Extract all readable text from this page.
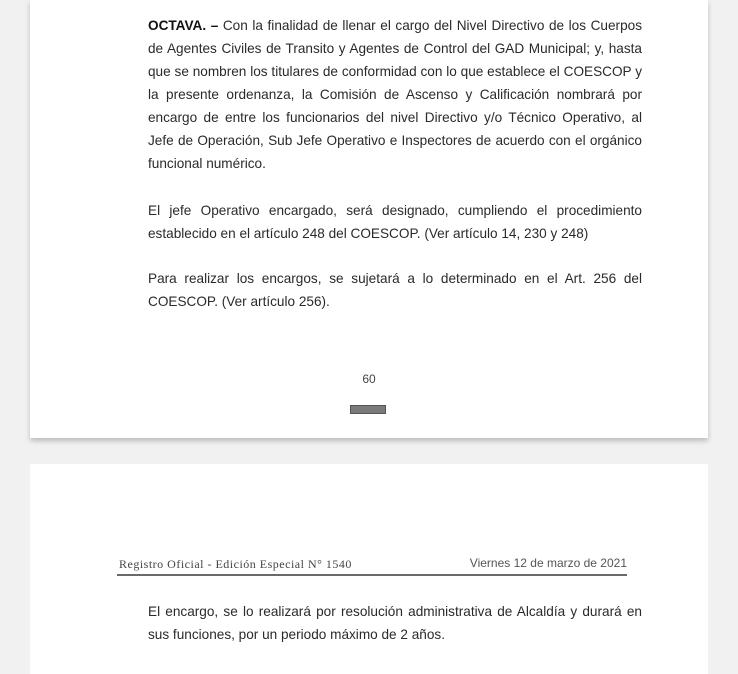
OCTAVA. – Con la finalidad de llenar el cargo del Nivel Directivo de los Cuerpos de Agentes Civiles de Transito y Agentes de Control del GAD Municipal; y, hasta que se nombren los titulares de conformidad con lo que establece el COESCOP y la presente ordenanza, la Comisión de Ascenso y Calificación nombrará por encargo de entre los funcionarios del nivel Directivo y/o Técnico Operativo, al Jefe de Operación, Sub Jefe Operativo e Inspectores de acuerdo con el orgánico funcional numérico.

El jefe Operativo encargado, será designado, cumpliendo el procedimiento establecido en el artículo 248 del COESCOP. (Ver artículo 14, 230 y 248)

Para realizar los encargos, se sujetará a lo determinado en el Art. 256 del COESCOP. (Ver artículo 256).

60
Registro Oficial - Edición Especial N° 1540	Viernes 12 de marzo de 2021

El encargo, se lo realizará por resolución administrativa de Alcaldía y durará en sus funciones, por un periodo máximo de 2 años.
